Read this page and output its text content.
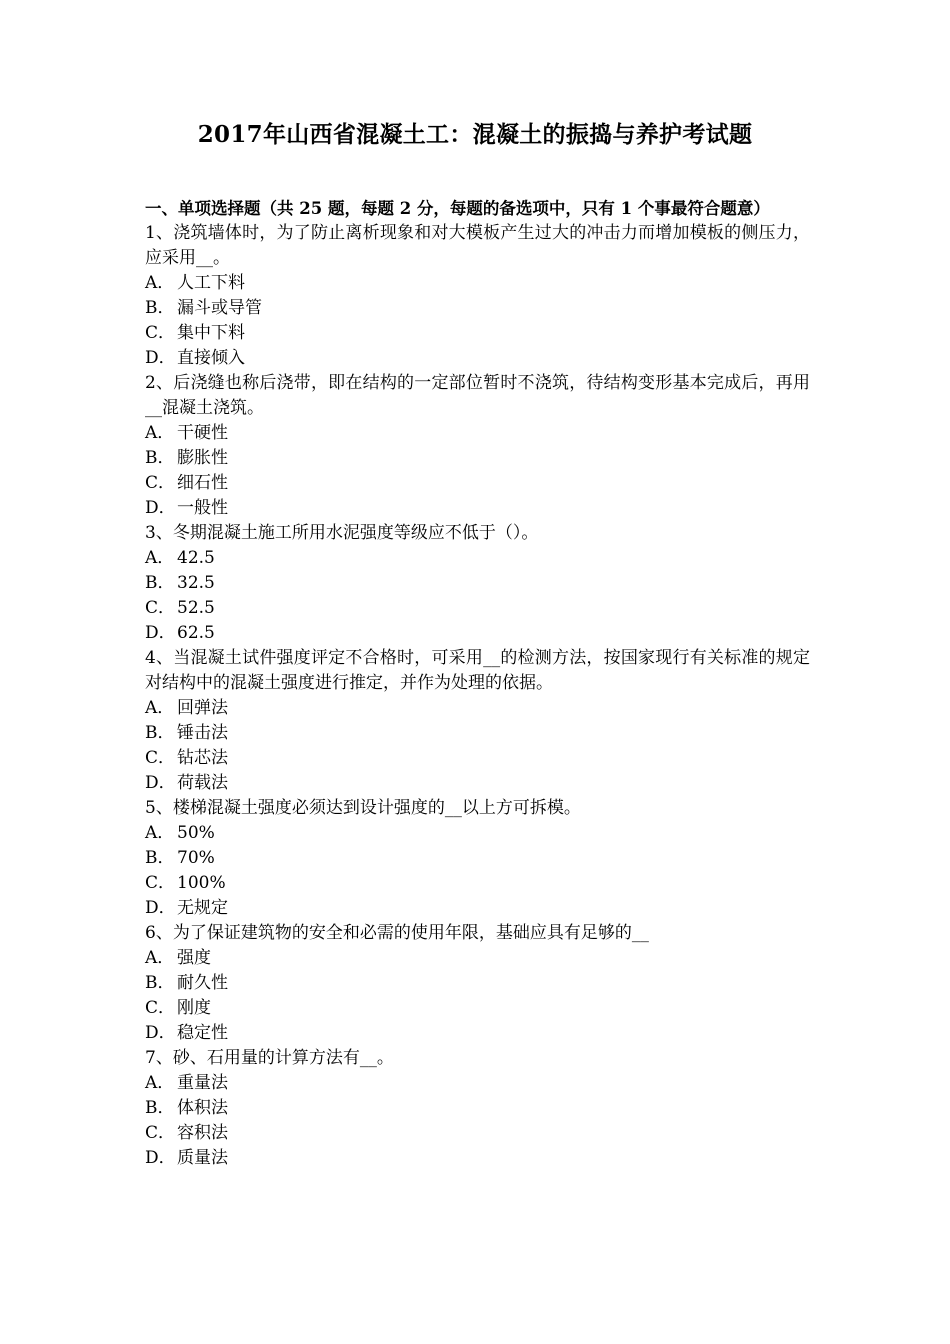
2017年山西省混凝土工：混凝土的振捣与养护考试题

一、单项选择题（共 25 题，每题 2 分，每题的备选项中，只有 1 个事最符合题意）

1、浇筑墙体时，为了防止离析现象和对大模板产生过大的冲击力而增加模板的侧压力，应采用__。

A． 人工下料
B． 漏斗或导管
C． 集中下料
D．直接倾入

2、后浇缝也称后浇带，即在结构的一定部位暂时不浇筑，待结构变形基本完成后，再用__混凝土浇筑。

A． 干硬性
B． 膨胀性
C． 细石性
D．一般性

3、冬期混凝土施工所用水泥强度等级应不低于（）。

A． 42.5
B． 32.5
C． 52.5
D．62.5

4、当混凝土试件强度评定不合格时，可采用__的检测方法，按国家现行有关标准的规定对结构中的混凝土强度进行推定，并作为处理的依据。

A． 回弹法
B． 锤击法
C． 钻芯法
D．荷载法

5、楼梯混凝土强度必须达到设计强度的__以上方可拆模。

A． 50%
B． 70%
C． 100%
D．无规定

6、为了保证建筑物的安全和必需的使用年限，基础应具有足够的__

A． 强度
B． 耐久性
C． 刚度
D．稳定性

7、砂、石用量的计算方法有__。

A． 重量法
B． 体积法
C． 容积法
D．质量法
